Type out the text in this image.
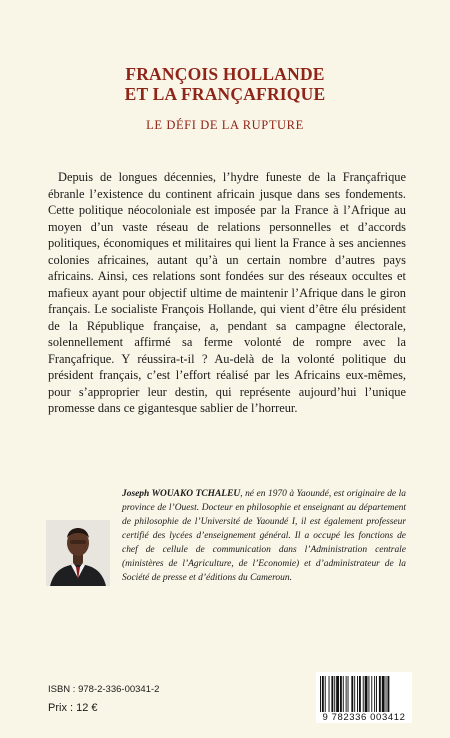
FRANÇOIS HOLLANDE
ET LA FRANÇAFRIQUE
LE DÉFI DE LA RUPTURE
Depuis de longues décennies, l’hydre funeste de la Françafrique ébranle l’existence du continent africain jusque dans ses fondements. Cette politique néocoloniale est imposée par la France à l’Afrique au moyen d’un vaste réseau de relations personnelles et d’accords politiques, économiques et militaires qui lient la France à ses anciennes colonies africaines, autant qu’à un certain nombre d’autres pays africains. Ainsi, ces relations sont fondées sur des réseaux occultes et mafieux ayant pour objectif ultime de maintenir l’Afrique dans le giron français. Le socialiste François Hollande, qui vient d’être élu président de la République française, a, pendant sa campagne électorale, solennellement affirmé sa ferme volonté de rompre avec la Françafrique. Y réussira-t-il ? Au-delà de la volonté politique du président français, c’est l’effort réalisé par les Africains eux-mêmes, pour s’approprier leur destin, qui représente aujourd’hui l’unique promesse dans ce gigantesque sablier de l’horreur.
Joseph WOUAKO TCHALEU, né en 1970 à Yaoundé, est originaire de la province de l’Ouest. Docteur en philosophie et enseignant au département de philosophie de l’Université de Yaoundé I, il est également professeur certifié des lycées d’enseignement général. Il a occupé les fonctions de chef de cellule de communication dans l’Administration centrale (ministères de l’Agriculture, de l’Economie) et d’administrateur de la Société de presse et d’éditions du Cameroun.
ISBN : 978-2-336-00341-2
Prix : 12 €
9 782336 003412
